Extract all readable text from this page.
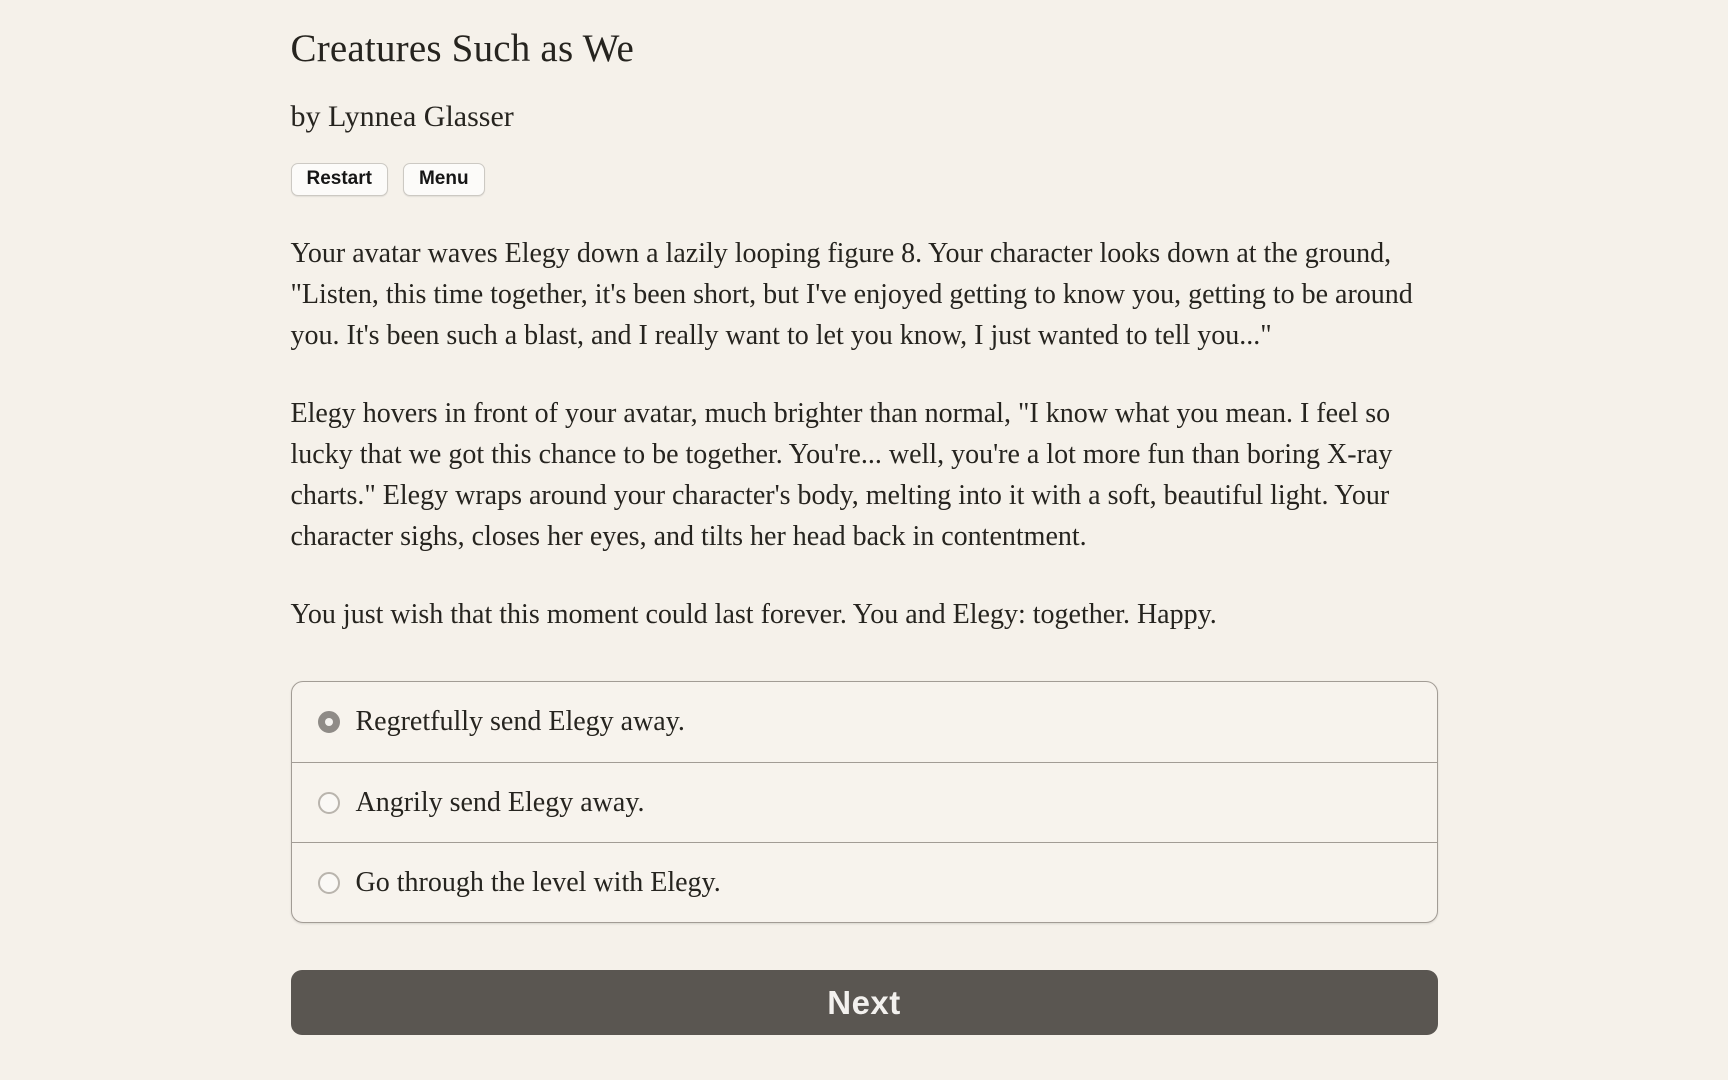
Creatures Such as We
by Lynnea Glasser
Restart	Menu

Your avatar waves Elegy down a lazily looping figure 8. Your character looks down at the ground, "Listen, this time together, it's been short, but I've enjoyed getting to know you, getting to be around you. It's been such a blast, and I really want to let you know, I just wanted to tell you..."

Elegy hovers in front of your avatar, much brighter than normal, "I know what you mean. I feel so lucky that we got this chance to be together. You're... well, you're a lot more fun than boring X-ray charts." Elegy wraps around your character's body, melting into it with a soft, beautiful light. Your character sighs, closes her eyes, and tilts her head back in contentment.

You just wish that this moment could last forever. You and Elegy: together. Happy.

Regretfully send Elegy away.
Angrily send Elegy away.
Go through the level with Elegy.
Next
